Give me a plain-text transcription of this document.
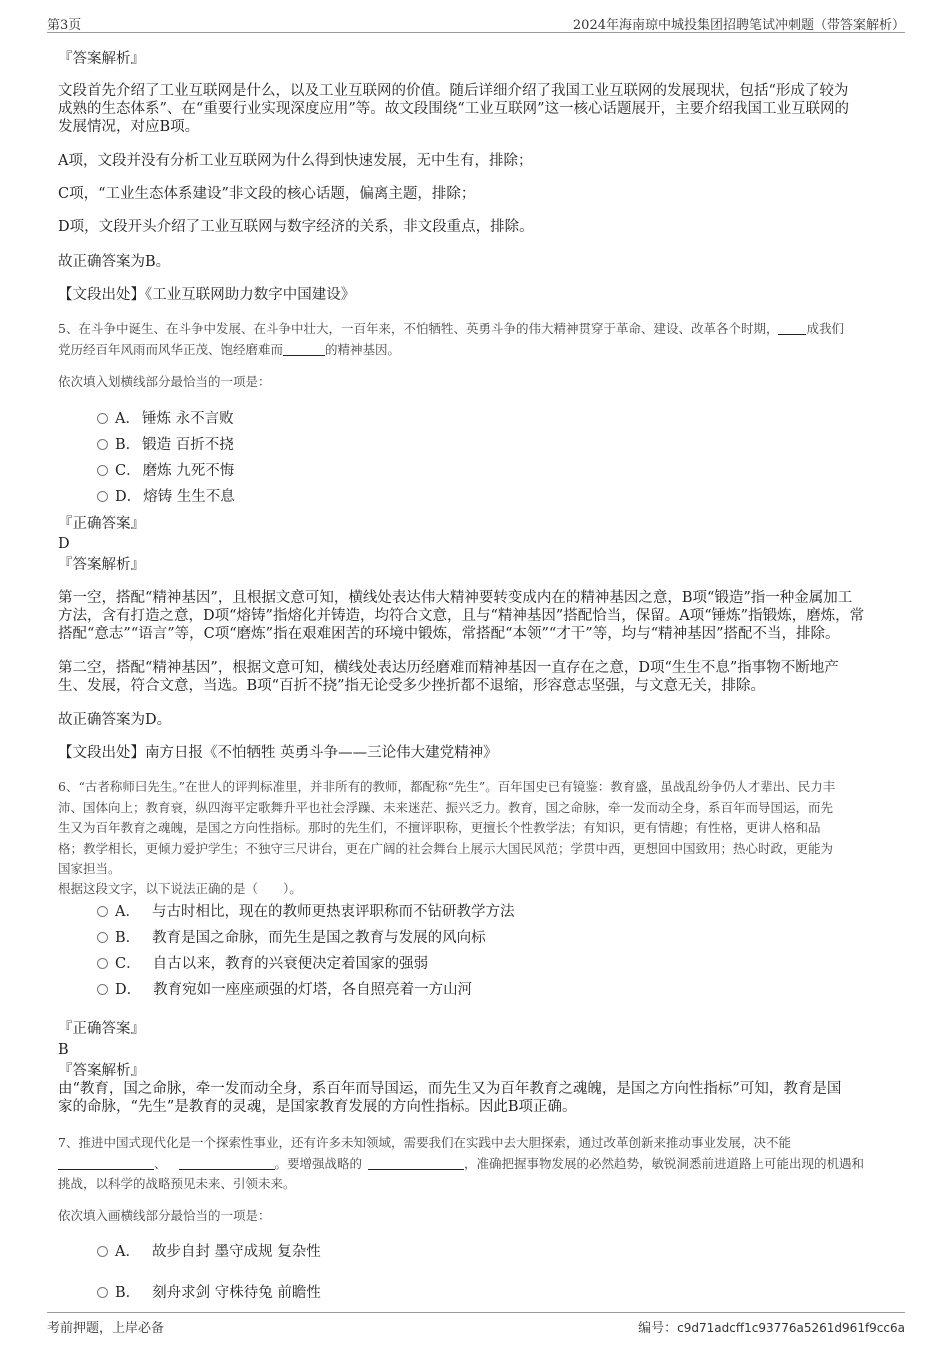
第3页	2024年海南琼中城投集团招聘笔试冲刺题（带答案解析）
『答案解析』
文段首先介绍了工业互联网是什么，以及工业互联网的价值。随后详细介绍了我国工业互联网的发展现状，包括“形成了较为
成熟的生态体系”、在“重要行业实现深度应用”等。故文段围绕“工业互联网”这一核心话题展开，主要介绍我国工业互联网的
发展情况，对应B项。
A项，文段并没有分析工业互联网为什么得到快速发展，无中生有，排除；
C项，“工业生态体系建设”非文段的核心话题，偏离主题，排除；
D项，文段开头介绍了工业互联网与数字经济的关系，非文段重点，排除。
故正确答案为B。
【文段出处】《工业互联网助力数字中国建设》
5、在斗争中诞生、在斗争中发展、在斗争中壮大，一百年来，不怕牺牲、英勇斗争的伟大精神贯穿于革命、建设、改革各个时期， 成我们
党历经百年风雨而风华正茂、饱经磨难而	的精神基因。
依次填入划横线部分最恰当的一项是：
A． 锤炼 永不言败
B． 锻造 百折不挠
C． 磨炼 九死不悔
D． 熔铸 生生不息
『正确答案』
D
『答案解析』
第一空，搭配“精神基因”，且根据文意可知，横线处表达伟大精神要转变成内在的精神基因之意，B项“锻造”指一种金属加工
方法，含有打造之意，D项“熔铸”指熔化并铸造，均符合文意，且与“精神基因”搭配恰当，保留。A项“锤炼”指锻炼，磨炼，常
搭配“意志”“语言”等，C项“磨炼”指在艰难困苦的环境中锻炼，常搭配“本领”“才干”等，均与“精神基因”搭配不当，排除。
第二空，搭配“精神基因”，根据文意可知，横线处表达历经磨难而精神基因一直存在之意，D项“生生不息”指事物不断地产
生、发展，符合文意，当选。B项“百折不挠”指无论受多少挫折都不退缩，形容意志坚强，与文意无关，排除。
故正确答案为D。
【文段出处】南方日报《不怕牺牲 英勇斗争——三论伟大建党精神》
6、“古者称师曰先生。”在世人的评判标准里，并非所有的教师，都配称“先生”。百年国史已有镜鉴：教育盛，虽战乱纷争仍人才辈出、民力丰
沛、国体向上；教育衰，纵四海平定歌舞升平也社会浮躁、未来迷茫、振兴乏力。教育，国之命脉，牵一发而动全身，系百年而导国运，而先
生又为百年教育之魂魄，是国之方向性指标。那时的先生们，不擅评职称，更擅长个性教学法；有知识，更有情趣；有性格，更讲人格和品
格；教学相长，更倾力爱护学生；不独守三尺讲台，更在广阔的社会舞台上展示大国民风范；学贯中西，更想回中国致用；热心时政，更能为
国家担当。
根据这段文字，以下说法正确的是（　　）。
A． 与古时相比，现在的教师更热衷评职称而不钻研教学方法
B． 教育是国之命脉，而先生是国之教育与发展的风向标
C． 自古以来，教育的兴衰便决定着国家的强弱
D． 教育宛如一座座顽强的灯塔，各自照亮着一方山河
『正确答案』
B
『答案解析』
由“教育，国之命脉，牵一发而动全身，系百年而导国运，而先生又为百年教育之魂魄，是国之方向性指标”可知，教育是国
家的命脉，“先生”是教育的灵魂，是国家教育发展的方向性指标。因此B项正确。
7、推进中国式现代化是一个探索性事业，还有许多未知领域，需要我们在实践中去大胆探索，通过改革创新来推动事业发展，决不能
、	。要增强战略的	，准确把握事物发展的必然趋势，敏锐洞悉前进道路上可能出现的机遇和
挑战，以科学的战略预见未来、引领未来。
依次填入画横线部分最恰当的一项是：
A． 故步自封 墨守成规 复杂性
B． 刻舟求剑 守株待兔 前瞻性
考前押题，上岸必备	编号：c9d71adcff1c93776a5261d961f9cc6a
